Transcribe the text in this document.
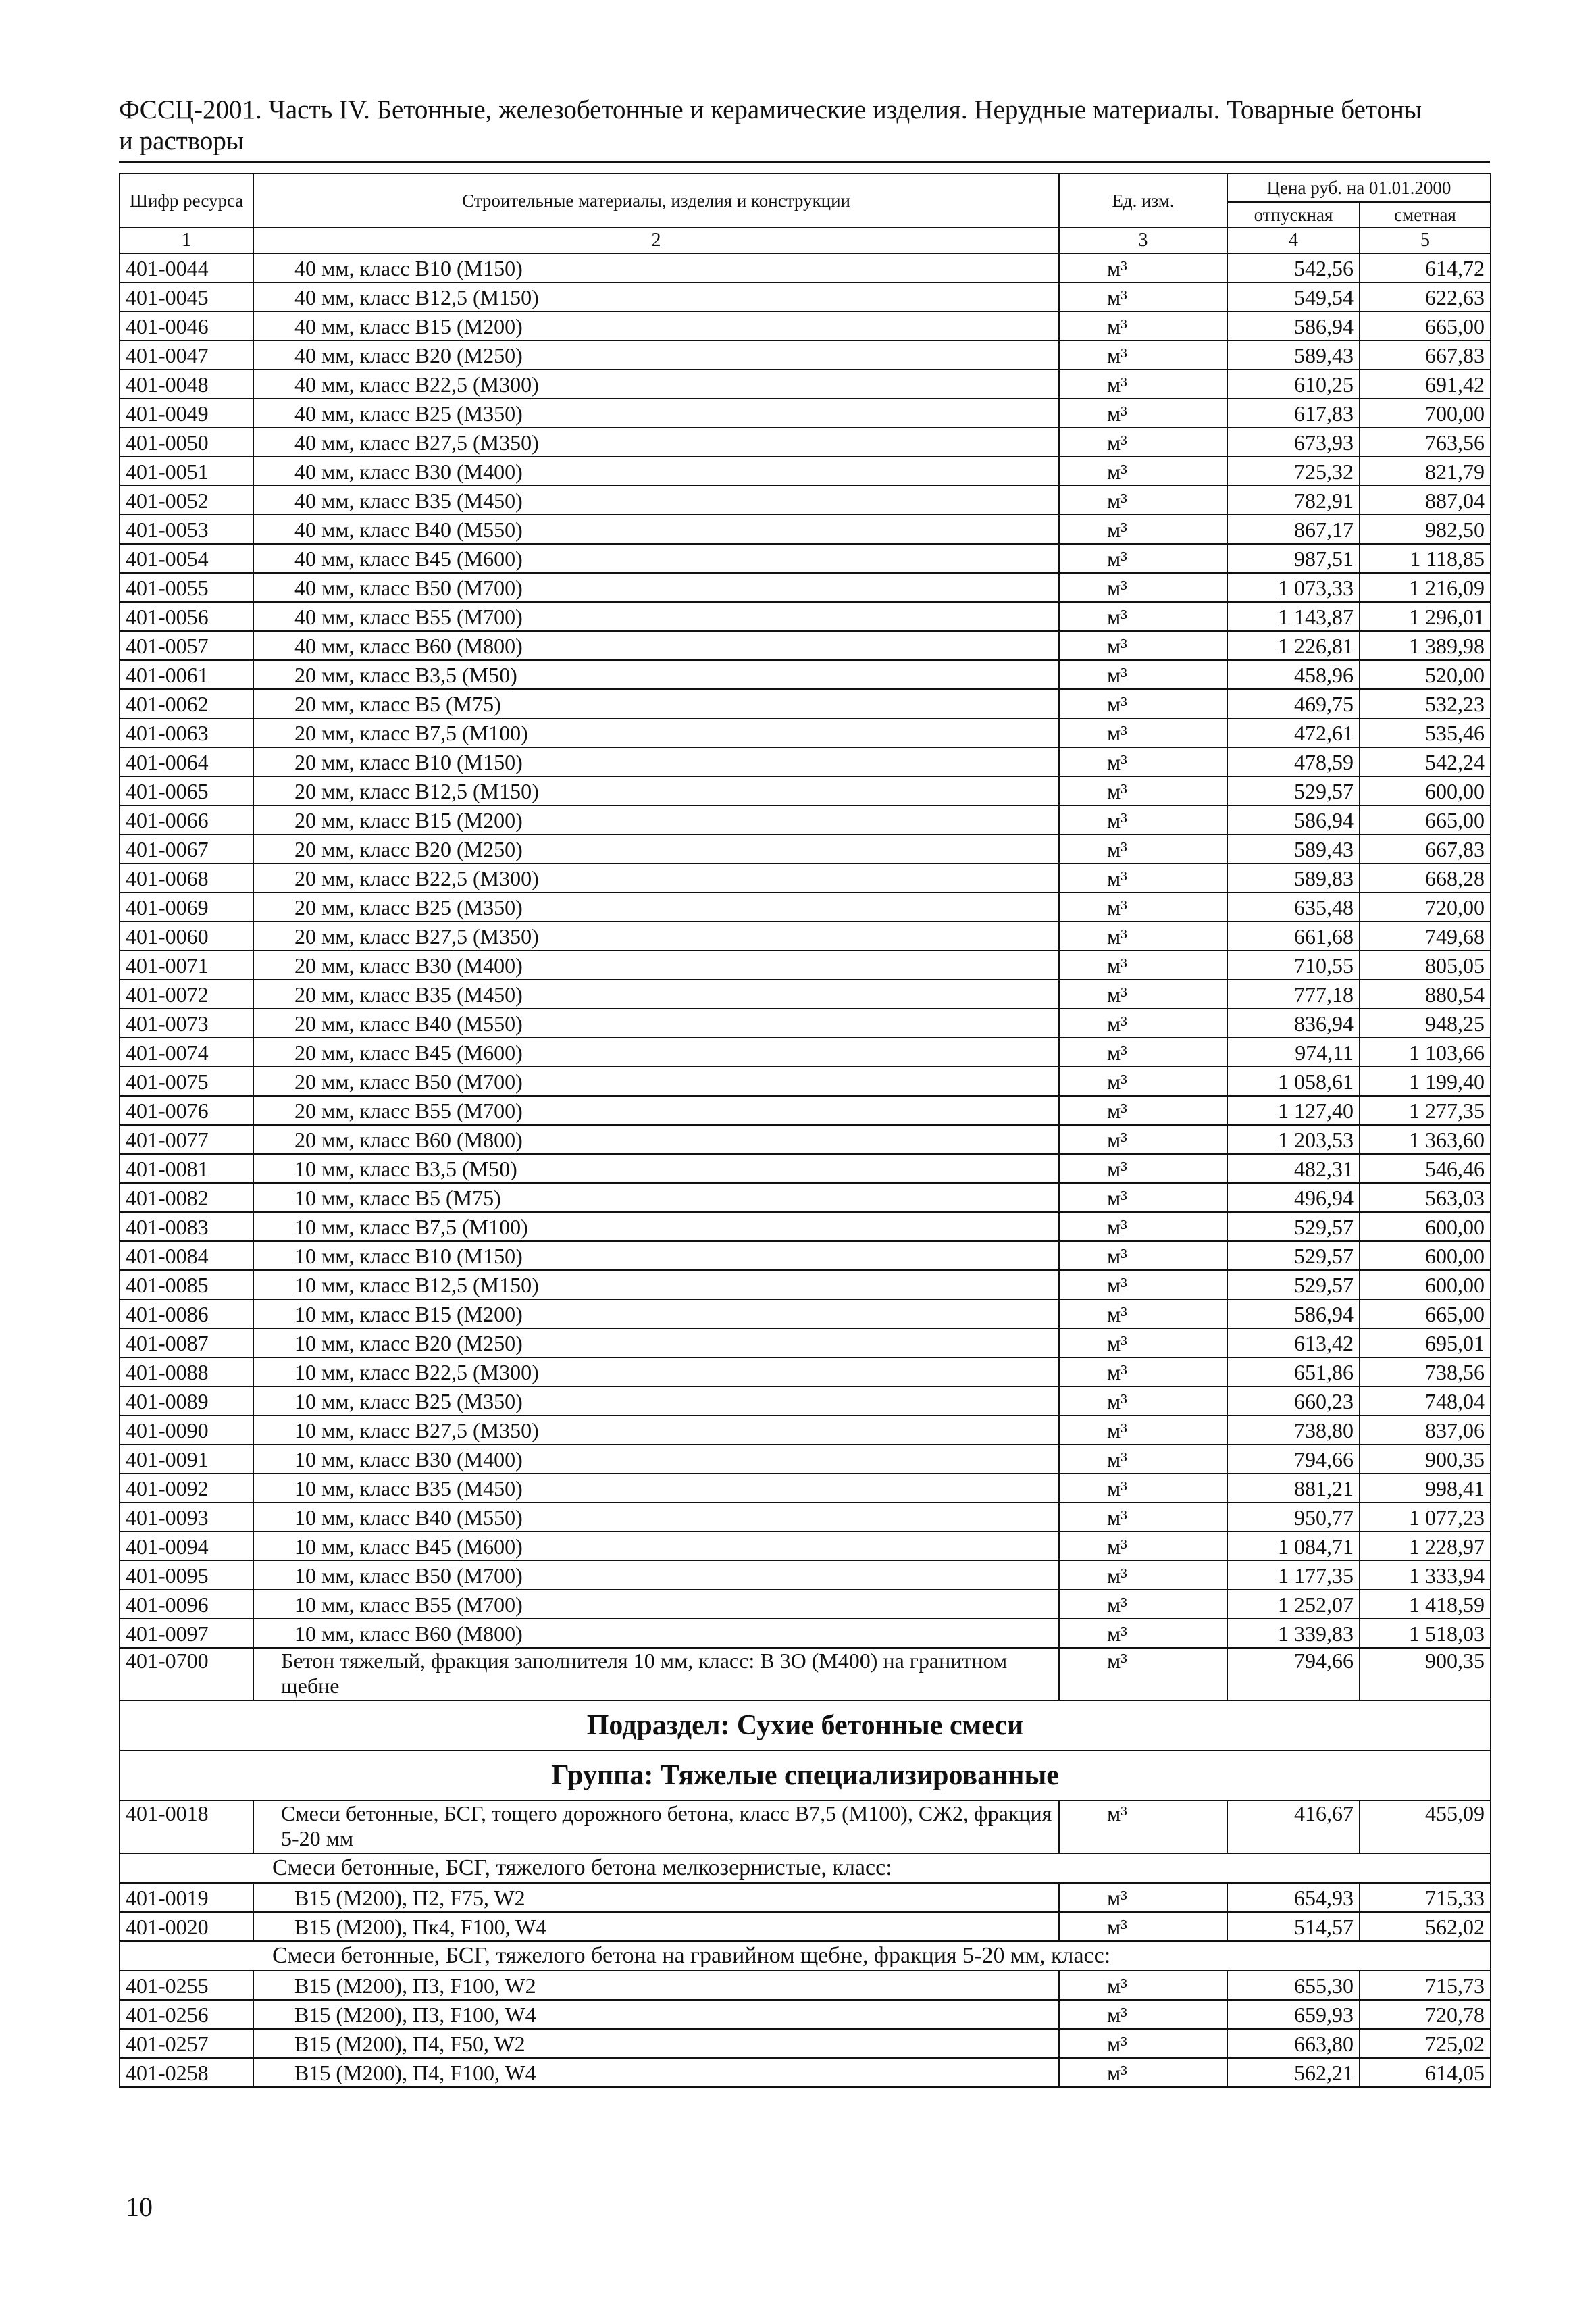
ФССЦ-2001. Часть IV. Бетонные, железобетонные и керамические изделия. Нерудные материалы. Товарные бетоны
и растворы
Шифр ресурса	Строительные материалы, изделия и конструкции	Ед. изм.	Цена руб. на 01.01.2000	
			отпускная	сметная
1	2	3	4	5
401-0044	40 мм, класс В10 (М150)	м³	542,56	614,72
401-0045	40 мм, класс В12,5 (М150)	м³	549,54	622,63
401-0046	40 мм, класс В15 (М200)	м³	586,94	665,00
401-0047	40 мм, класс В20 (М250)	м³	589,43	667,83
401-0048	40 мм, класс В22,5 (М300)	м³	610,25	691,42
401-0049	40 мм, класс В25 (М350)	м³	617,83	700,00
401-0050	40 мм, класс В27,5 (М350)	м³	673,93	763,56
401-0051	40 мм, класс В30 (М400)	м³	725,32	821,79
401-0052	40 мм, класс В35 (М450)	м³	782,91	887,04
401-0053	40 мм, класс В40 (М550)	м³	867,17	982,50
401-0054	40 мм, класс В45 (М600)	м³	987,51	1 118,85
401-0055	40 мм, класс В50 (М700)	м³	1 073,33	1 216,09
401-0056	40 мм, класс В55 (М700)	м³	1 143,87	1 296,01
401-0057	40 мм, класс В60 (М800)	м³	1 226,81	1 389,98
401-0061	20 мм, класс В3,5 (М50)	м³	458,96	520,00
401-0062	20 мм, класс В5 (М75)	м³	469,75	532,23
401-0063	20 мм, класс В7,5 (М100)	м³	472,61	535,46
401-0064	20 мм, класс В10 (М150)	м³	478,59	542,24
401-0065	20 мм, класс В12,5 (М150)	м³	529,57	600,00
401-0066	20 мм, класс В15 (М200)	м³	586,94	665,00
401-0067	20 мм, класс В20 (М250)	м³	589,43	667,83
401-0068	20 мм, класс В22,5 (М300)	м³	589,83	668,28
401-0069	20 мм, класс В25 (М350)	м³	635,48	720,00
401-0060	20 мм, класс В27,5 (М350)	м³	661,68	749,68
401-0071	20 мм, класс В30 (М400)	м³	710,55	805,05
401-0072	20 мм, класс В35 (М450)	м³	777,18	880,54
401-0073	20 мм, класс В40 (М550)	м³	836,94	948,25
401-0074	20 мм, класс В45 (М600)	м³	974,11	1 103,66
401-0075	20 мм, класс В50 (М700)	м³	1 058,61	1 199,40
401-0076	20 мм, класс В55 (М700)	м³	1 127,40	1 277,35
401-0077	20 мм, класс В60 (М800)	м³	1 203,53	1 363,60
401-0081	10 мм, класс В3,5 (М50)	м³	482,31	546,46
401-0082	10 мм, класс В5 (М75)	м³	496,94	563,03
401-0083	10 мм, класс В7,5 (М100)	м³	529,57	600,00
401-0084	10 мм, класс В10 (М150)	м³	529,57	600,00
401-0085	10 мм, класс В12,5 (М150)	м³	529,57	600,00
401-0086	10 мм, класс В15 (М200)	м³	586,94	665,00
401-0087	10 мм, класс В20 (М250)	м³	613,42	695,01
401-0088	10 мм, класс В22,5 (М300)	м³	651,86	738,56
401-0089	10 мм, класс В25 (М350)	м³	660,23	748,04
401-0090	10 мм, класс В27,5 (М350)	м³	738,80	837,06
401-0091	10 мм, класс В30 (М400)	м³	794,66	900,35
401-0092	10 мм, класс В35 (М450)	м³	881,21	998,41
401-0093	10 мм, класс В40 (М550)	м³	950,77	1 077,23
401-0094	10 мм, класс В45 (М600)	м³	1 084,71	1 228,97
401-0095	10 мм, класс В50 (М700)	м³	1 177,35	1 333,94
401-0096	10 мм, класс В55 (М700)	м³	1 252,07	1 418,59
401-0097	10 мм, класс В60 (М800)	м³	1 339,83	1 518,03
401-0700	Бетон тяжелый, фракция заполнителя 10 мм, класс: В 3О (М400) на гранитном щебне	м³	794,66	900,35
Подраздел: Сухие бетонные смеси				
Группа: Тяжелые специализированные				
401-0018	Смеси бетонные, БСГ, тощего дорожного бетона, класс В7,5 (М100), СЖ2, фракция 5-20 мм	м³	416,67	455,09
Смеси бетонные, БСГ, тяжелого бетона мелкозернистые, класс:				
401-0019	В15 (М200), П2, F75, W2	м³	654,93	715,33
401-0020	В15 (М200), Пк4, F100, W4	м³	514,57	562,02
Смеси бетонные, БСГ, тяжелого бетона на гравийном щебне, фракция 5-20 мм, класс:				
401-0255	В15 (М200), П3, F100, W2	м³	655,30	715,73
401-0256	В15 (М200), П3, F100, W4	м³	659,93	720,78
401-0257	В15 (М200), П4, F50, W2	м³	663,80	725,02
401-0258	В15 (М200), П4, F100, W4	м³	562,21	614,05
10
